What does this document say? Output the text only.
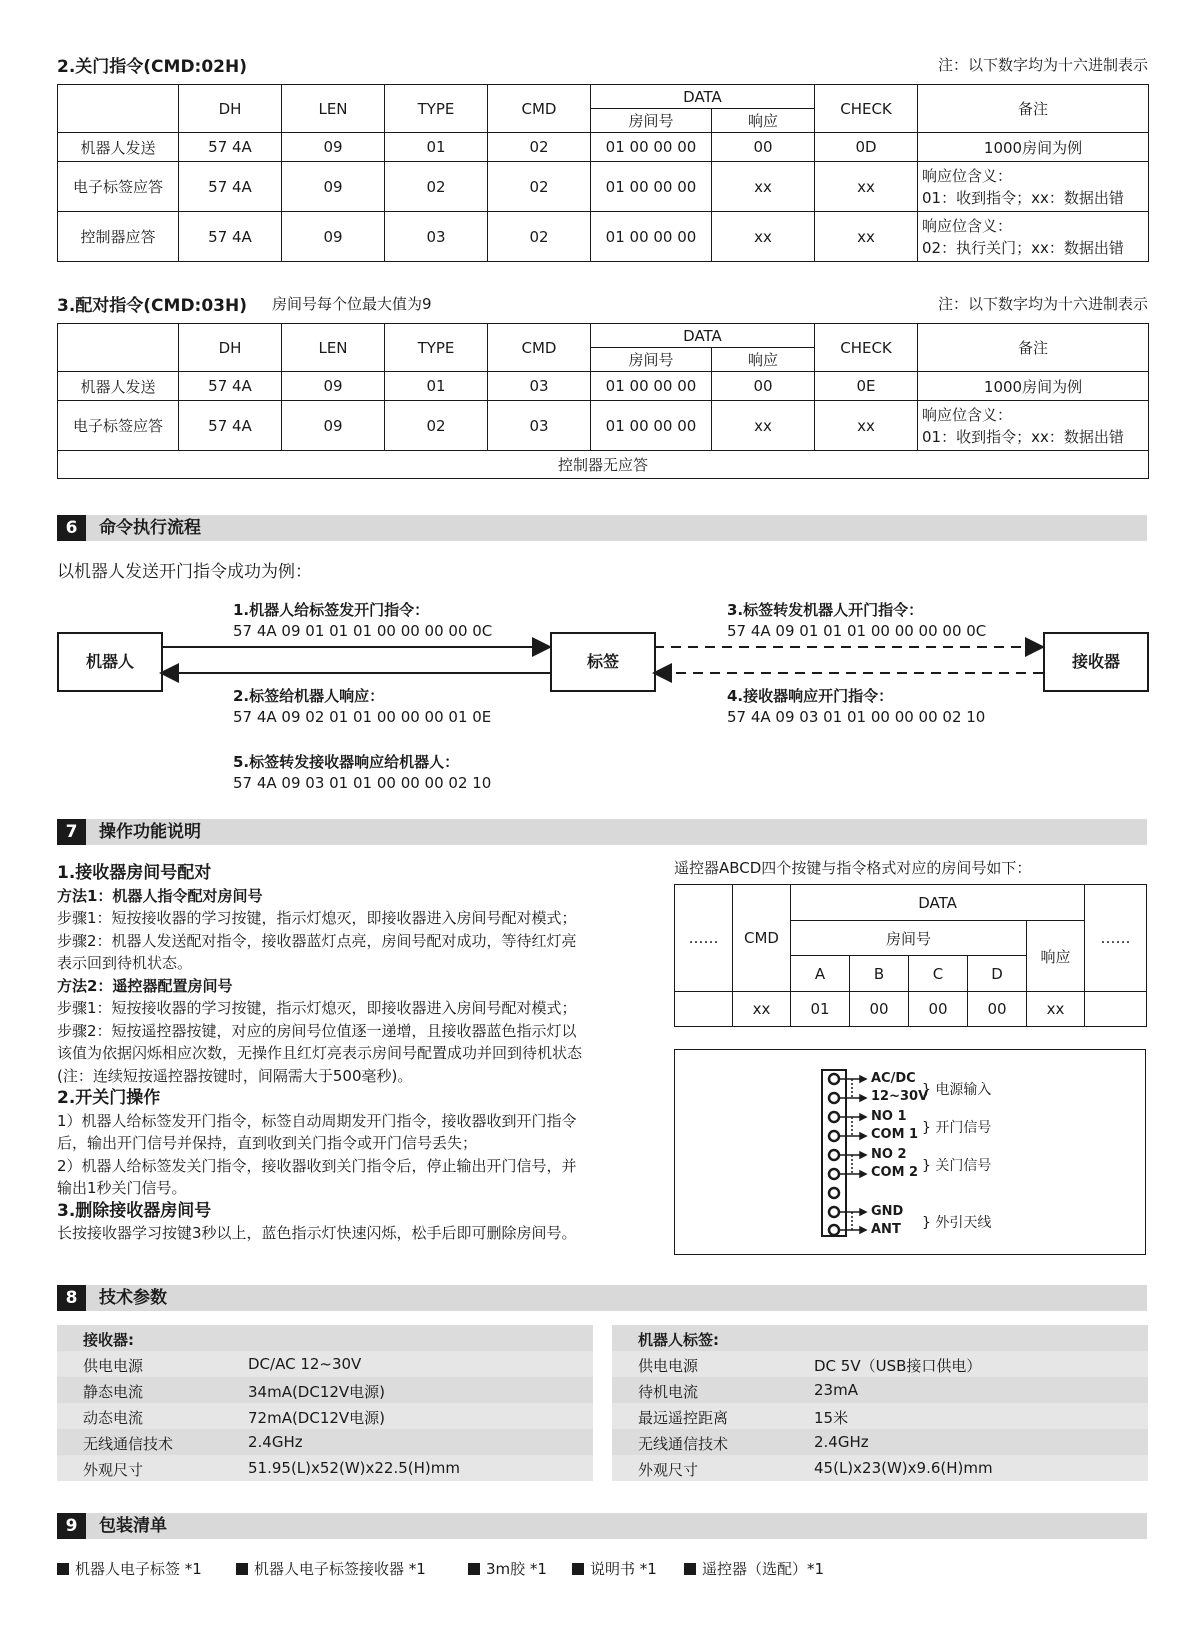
2.关门指令(CMD:02H)	注：以下数字均为十六进制表示
	DH	LEN	TYPE	CMD	DATA		CHECK	备注
					房间号	响应		
机器人发送	57 4A	09	01	02	01 00 00 00	00	0D	1000房间为例
电子标签应答	57 4A	09	02	02	01 00 00 00	xx	xx	响应位含义：
01：收到指令；xx：数据出错

控制器应答	57 4A	09	03	02	01 00 00 00	xx	xx	响应位含义：
02：执行关门；xx：数据出错
3.配对指令(CMD:03H) 房间号每个位最大值为9	注：以下数字均为十六进制表示
	DH	LEN	TYPE	CMD	DATA		CHECK	备注
					房间号	响应		
机器人发送	57 4A	09	01	03	01 00 00 00	00	0E	1000房间为例
电子标签应答	57 4A	09	02	03	01 00 00 00	xx	xx	响应位含义：
01：收到指令；xx：数据出错

控制器无应答								
6	命令执行流程
以机器人发送开门指令成功为例：
机器人	标签	接收器
1.机器人给标签发开门指令：
57 4A 09 01 01 01 00 00 00 00 0C
2.标签给机器人响应：
57 4A 09 02 01 01 00 00 00 01 0E
3.标签转发机器人开门指令：
57 4A 09 01 01 01 00 00 00 00 0C
4.接收器响应开门指令：
57 4A 09 03 01 01 00 00 00 02 10
5.标签转发接收器响应给机器人：
57 4A 09 03 01 01 00 00 00 02 10
7	操作功能说明
1.接收器房间号配对
方法1：机器人指令配对房间号
步骤1：短按接收器的学习按键，指示灯熄灭，即接收器进入房间号配对模式；
步骤2：机器人发送配对指令，接收器蓝灯点亮，房间号配对成功，等待红灯亮
表示回到待机状态。
方法2：遥控器配置房间号
步骤1：短按接收器的学习按键，指示灯熄灭，即接收器进入房间号配对模式；
步骤2：短按遥控器按键，对应的房间号位值逐一递增，且接收器蓝色指示灯以
该值为依据闪烁相应次数，无操作且红灯亮表示房间号配置成功并回到待机状态
(注：连续短按遥控器按键时，间隔需大于500毫秒)。
2.开关门操作
1）机器人给标签发开门指令，标签自动周期发开门指令，接收器收到开门指令
后，输出开门信号并保持，直到收到关门指令或开门信号丢失；
2）机器人给标签发关门指令，接收器收到关门指令后，停止输出开门信号，并
输出1秒关门信号。
3.删除接收器房间号
长按接收器学习按键3秒以上，蓝色指示灯快速闪烁，松手后即可删除房间号。
遥控器ABCD四个按键与指令格式对应的房间号如下：
……	CMD	DATA					……
		房间号				响应	
		A	B	C	D		
	xx	01	00	00	00	xx	
AC/DC
12~30V
} 电源输入
NO 1
COM 1 } 开门信号
NO 2
COM 2 } 关门信号
GND
ANT } 外引天线
8	技术参数
接收器:
供电电源	DC/AC 12~30V
静态电流	34mA(DC12V电源)
动态电流	72mA(DC12V电源)
无线通信技术	2.4GHz
外观尺寸	51.95(L)x52(W)x22.5(H)mm
机器人标签:
供电电源	DC 5V（USB接口供电）
待机电流	23mA
最远遥控距离	15米
无线通信技术	2.4GHz
外观尺寸	45(L)x23(W)x9.6(H)mm
9	包装清单
机器人电子标签 *1	机器人电子标签接收器 *1	3m胶 *1	说明书 *1	遥控器（选配）*1
